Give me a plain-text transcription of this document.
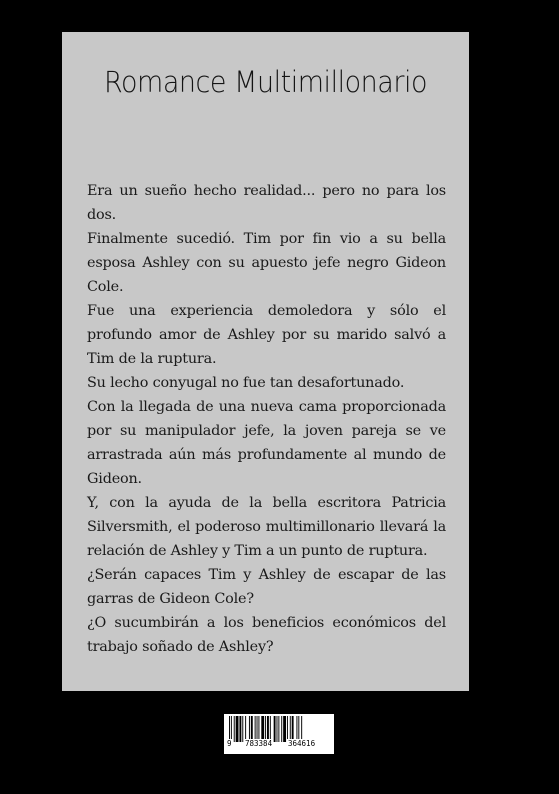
Romance Multimillonario

Era un sueño hecho realidad... pero no para los dos.

Finalmente sucedió. Tim por fin vio a su bella esposa Ashley con su apuesto jefe negro Gideon Cole.

Fue una experiencia demoledora y sólo el profundo amor de Ashley por su marido salvó a Tim de la ruptura.

Su lecho conyugal no fue tan desafortunado.

Con la llegada de una nueva cama proporcionada por su manipulador jefe, la joven pareja se ve arrastrada aún más profundamente al mundo de Gideon.

Y, con la ayuda de la bella escritora Patricia Silversmith, el poderoso multimillonario llevará la relación de Ashley y Tim a un punto de ruptura.

¿Serán capaces Tim y Ashley de escapar de las garras de Gideon Cole?

¿O sucumbirán a los beneficios económicos del trabajo soñado de Ashley?

9 783384 364616
